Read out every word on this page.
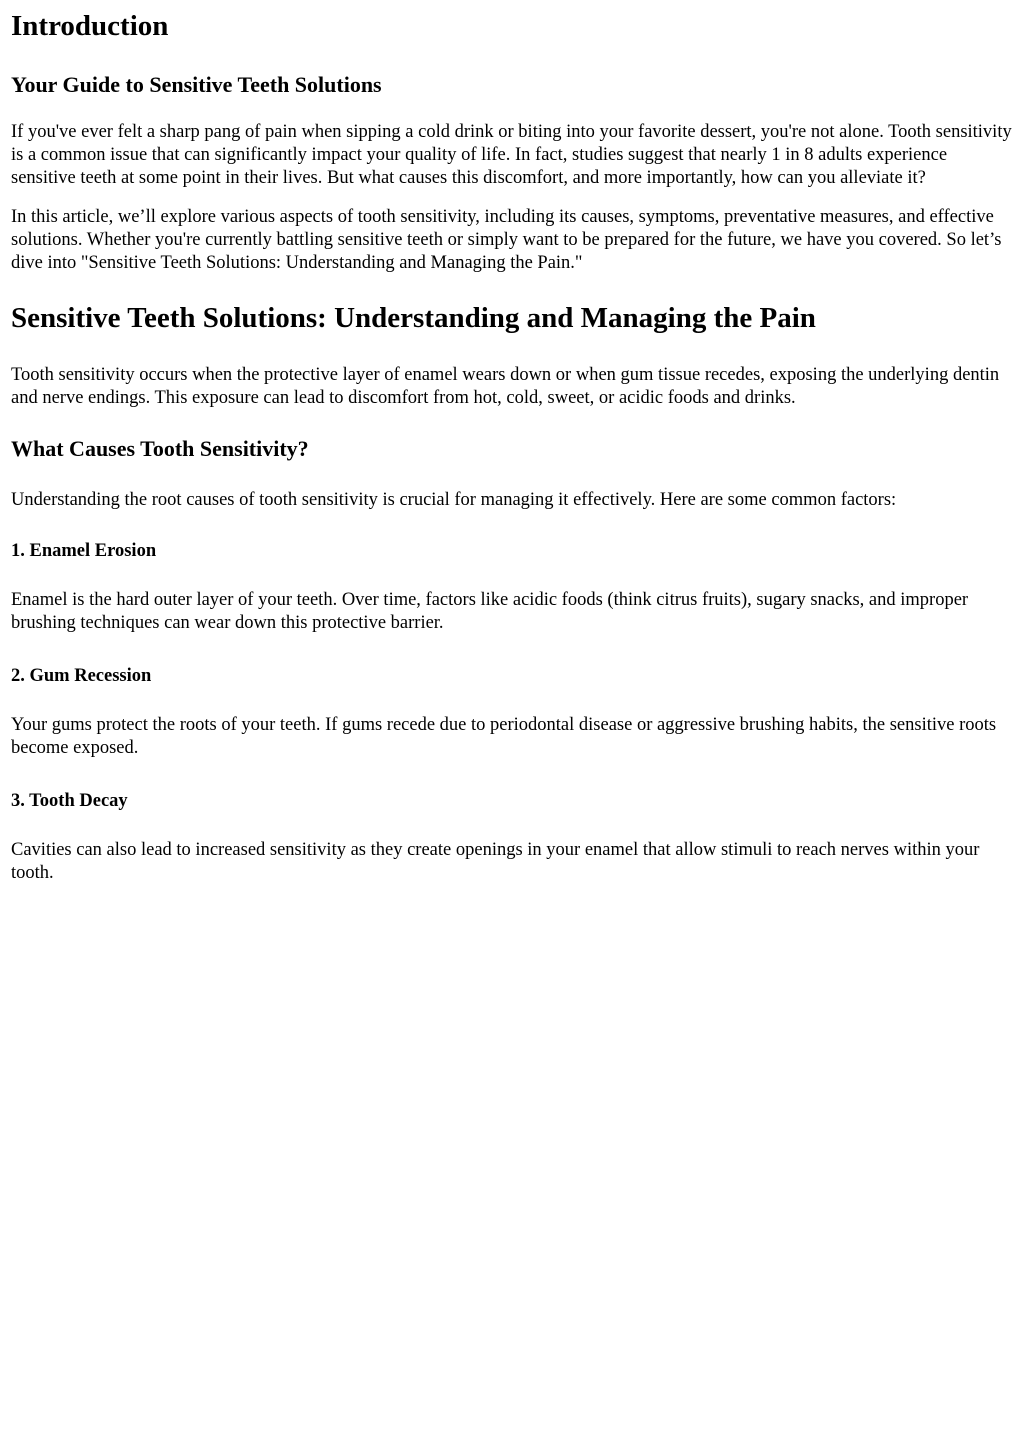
Introduction
Your Guide to Sensitive Teeth Solutions

If you've ever felt a sharp pang of pain when sipping a cold drink or biting into your favorite dessert, you're not alone. Tooth sensitivity is a common issue that can significantly impact your quality of life. In fact, studies suggest that nearly 1 in 8 adults experience sensitive teeth at some point in their lives. But what causes this discomfort, and more importantly, how can you alleviate it?

In this article, we’ll explore various aspects of tooth sensitivity, including its causes, symptoms, preventative measures, and effective solutions. Whether you're currently battling sensitive teeth or simply want to be prepared for the future, we have you covered. So let’s dive into "Sensitive Teeth Solutions: Understanding and Managing the Pain."

Sensitive Teeth Solutions: Understanding and Managing the Pain

Tooth sensitivity occurs when the protective layer of enamel wears down or when gum tissue recedes, exposing the underlying dentin and nerve endings. This exposure can lead to discomfort from hot, cold, sweet, or acidic foods and drinks.

What Causes Tooth Sensitivity?

Understanding the root causes of tooth sensitivity is crucial for managing it effectively. Here are some common factors:

1. Enamel Erosion

Enamel is the hard outer layer of your teeth. Over time, factors like acidic foods (think citrus fruits), sugary snacks, and improper brushing techniques can wear down this protective barrier.

2. Gum Recession

Your gums protect the roots of your teeth. If gums recede due to periodontal disease or aggressive brushing habits, the sensitive roots become exposed.

3. Tooth Decay

Cavities can also lead to increased sensitivity as they create openings in your enamel that allow stimuli to reach nerves within your tooth.
